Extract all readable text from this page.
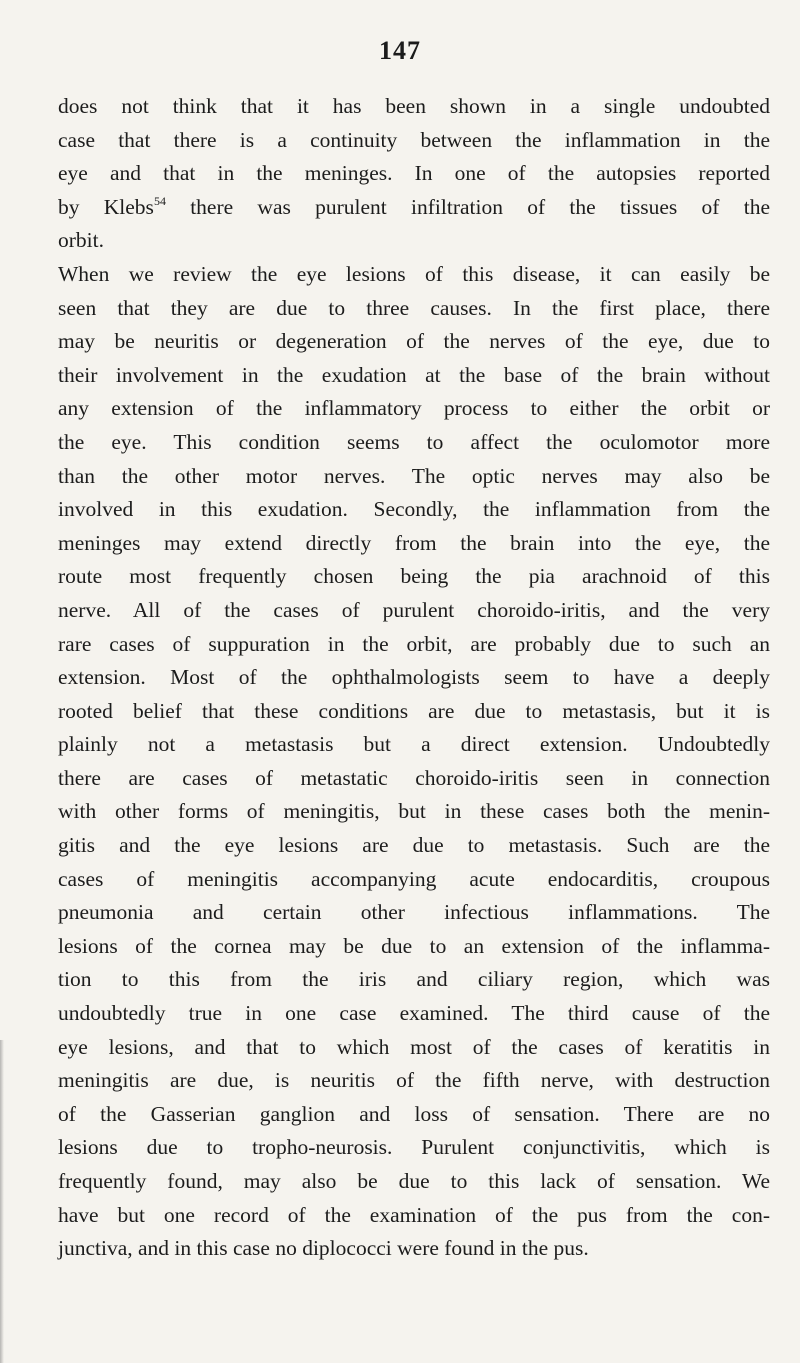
147

does not think that it has been shown in a single undoubted
case that there is a continuity between the inflammation in the
eye and that in the meninges. In one of the autopsies reported
by Klebs$^{54}$ there was purulent infiltration of the tissues of the
orbit.

When we review the eye lesions of this disease, it can easily be
seen that they are due to three causes. In the first place, there
may be neuritis or degeneration of the nerves of the eye, due to
their involvement in the exudation at the base of the brain without
any extension of the inflammatory process to either the orbit or
the eye. This condition seems to affect the oculomotor more
than the other motor nerves. The optic nerves may also be
involved in this exudation. Secondly, the inflammation from the
meninges may extend directly from the brain into the eye, the
route most frequently chosen being the pia arachnoid of this
nerve. All of the cases of purulent choroido-iritis, and the very
rare cases of suppuration in the orbit, are probably due to such an
extension. Most of the ophthalmologists seem to have a deeply
rooted belief that these conditions are due to metastasis, but it is
plainly not a metastasis but a direct extension. Undoubtedly
there are cases of metastatic choroido-iritis seen in connection
with other forms of meningitis, but in these cases both the menin-
gitis and the eye lesions are due to metastasis. Such are the
cases of meningitis accompanying acute endocarditis, croupous
pneumonia and certain other infectious inflammations. The
lesions of the cornea may be due to an extension of the inflamma-
tion to this from the iris and ciliary region, which was
undoubtedly true in one case examined. The third cause of the
eye lesions, and that to which most of the cases of keratitis in
meningitis are due, is neuritis of the fifth nerve, with destruction
of the Gasserian ganglion and loss of sensation. There are no
lesions due to tropho-neurosis. Purulent conjunctivitis, which is
frequently found, may also be due to this lack of sensation. We
have but one record of the examination of the pus from the con-
junctiva, and in this case no diplococci were found in the pus.
